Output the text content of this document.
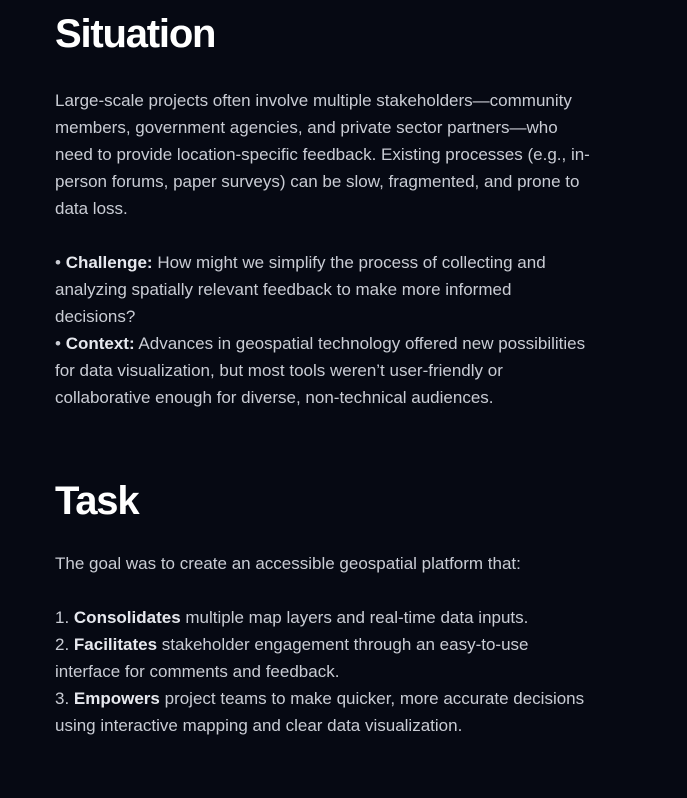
Situation

Large-scale projects often involve multiple stakeholders—community members, government agencies, and private sector partners—who need to provide location-specific feedback. Existing processes (e.g., in-person forums, paper surveys) can be slow, fragmented, and prone to data loss.

• Challenge: How might we simplify the process of collecting and analyzing spatially relevant feedback to make more informed decisions?
• Context: Advances in geospatial technology offered new possibilities for data visualization, but most tools weren’t user-friendly or collaborative enough for diverse, non-technical audiences.

Task

The goal was to create an accessible geospatial platform that:

1. Consolidates multiple map layers and real-time data inputs.
2. Facilitates stakeholder engagement through an easy-to-use interface for comments and feedback.
3. Empowers project teams to make quicker, more accurate decisions using interactive mapping and clear data visualization.
